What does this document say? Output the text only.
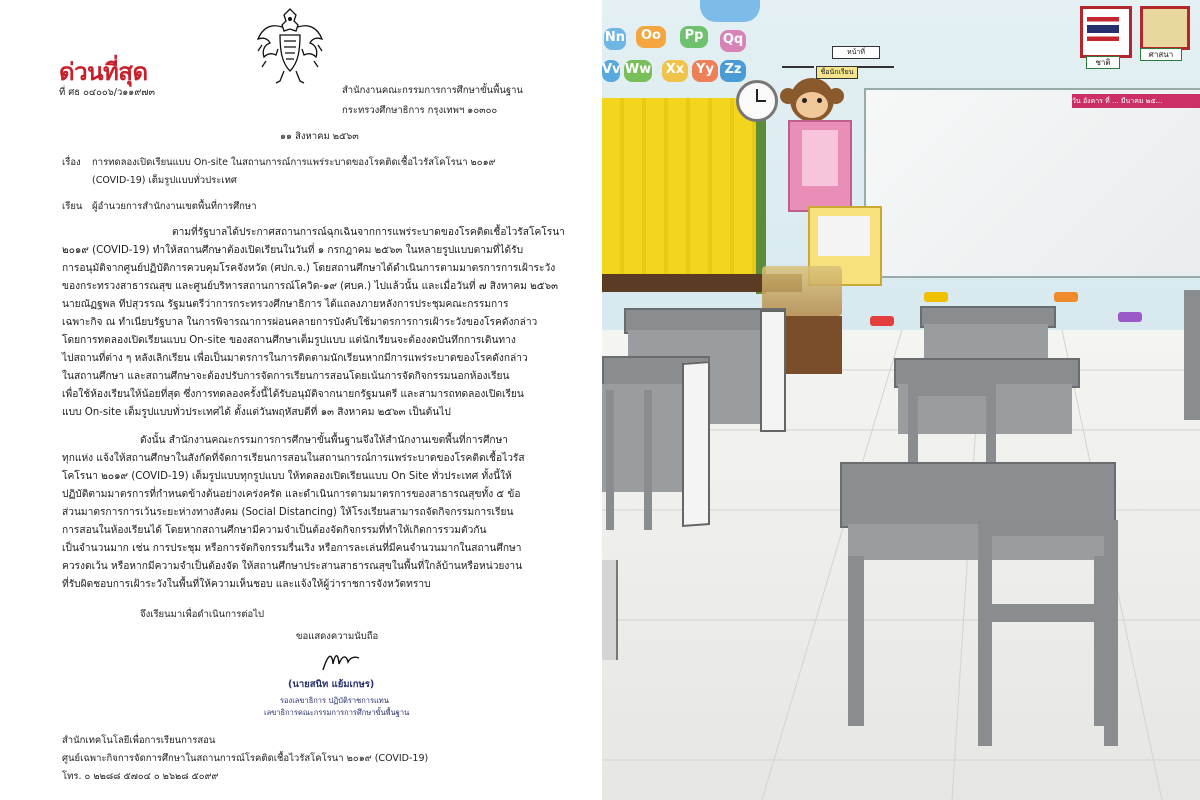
ด่วนที่สุด
ที่ ศธ ๐๔๐๐๖/ว๑๑๙๗๓	สำนักงานคณะกรรมการการศึกษาขั้นพื้นฐาน
กระทรวงศึกษาธิการ กรุงเทพฯ ๑๐๓๐๐
๑๑ สิงหาคม ๒๕๖๓
เรื่อง การทดลองเปิดเรียนแบบ On-site ในสถานการณ์การแพร่ระบาดของโรคติดเชื้อไวรัสโคโรนา ๒๐๑๙
(COVID-19) เต็มรูปแบบทั่วประเทศ
เรียน ผู้อำนวยการสำนักงานเขตพื้นที่การศึกษา
ตามที่รัฐบาลได้ประกาศสถานการณ์ฉุกเฉินจากการแพร่ระบาดของโรคติดเชื้อไวรัสโคโรนา
๒๐๑๙ (COVID-19) ทำให้สถานศึกษาต้องเปิดเรียนในวันที่ ๑ กรกฎาคม ๒๕๖๓ ในหลายรูปแบบตามที่ได้รับ
การอนุมัติจากศูนย์ปฏิบัติการควบคุมโรคจังหวัด (ศปก.จ.) โดยสถานศึกษาได้ดำเนินการตามมาตรการการเฝ้าระวัง
ของกระทรวงสาธารณสุข และศูนย์บริหารสถานการณ์โควิด-๑๙ (ศบค.) ไปแล้วนั้น และเมื่อวันที่ ๗ สิงหาคม ๒๕๖๓
นายณัฏฐพล ทีปสุวรรณ รัฐมนตรีว่าการกระทรวงศึกษาธิการ ได้แถลงภายหลังการประชุมคณะกรรมการ
เฉพาะกิจ ณ ทำเนียบรัฐบาล ในการพิจารณาการผ่อนคลายการบังคับใช้มาตรการการเฝ้าระวังของโรคดังกล่าว
โดยการทดลองเปิดเรียนแบบ On-site ของสถานศึกษาเต็มรูปแบบ แต่นักเรียนจะต้องงดบันทึกการเดินทาง
ไปสถานที่ต่าง ๆ หลังเลิกเรียน เพื่อเป็นมาตรการในการติดตามนักเรียนหากมีการแพร่ระบาดของโรคดังกล่าว
ในสถานศึกษา และสถานศึกษาจะต้องปรับการจัดการเรียนการสอนโดยเน้นการจัดกิจกรรมนอกห้องเรียน
เพื่อใช้ห้องเรียนให้น้อยที่สุด ซึ่งการทดลองครั้งนี้ได้รับอนุมัติจากนายกรัฐมนตรี และสามารถทดลองเปิดเรียน
แบบ On-site เต็มรูปแบบทั่วประเทศได้ ตั้งแต่วันพฤหัสบดีที่ ๑๓ สิงหาคม ๒๕๖๓ เป็นต้นไป
ดังนั้น สำนักงานคณะกรรมการการศึกษาขั้นพื้นฐานจึงให้สำนักงานเขตพื้นที่การศึกษา
ทุกแห่ง แจ้งให้สถานศึกษาในสังกัดที่จัดการเรียนการสอนในสถานการณ์การแพร่ระบาดของโรคติดเชื้อไวรัส
โคโรนา ๒๐๑๙ (COVID-19) เต็มรูปแบบทุกรูปแบบ ให้ทดลองเปิดเรียนแบบ On Site ทั่วประเทศ ทั้งนี้ให้
ปฏิบัติตามมาตรการที่กำหนดข้างต้นอย่างเคร่งครัด และดำเนินการตามมาตรการของสาธารณสุขทั้ง ๕ ข้อ
ส่วนมาตรการการเว้นระยะห่างทางสังคม (Social Distancing) ให้โรงเรียนสามารถจัดกิจกรรมการเรียน
การสอนในห้องเรียนได้ โดยหากสถานศึกษามีความจำเป็นต้องจัดกิจกรรมที่ทำให้เกิดการรวมตัวกัน
เป็นจำนวนมาก เช่น การประชุม หรือการจัดกิจกรรมรื่นเริง หรือการละเล่นที่มีคนจำนวนมากในสถานศึกษา
ควรงดเว้น หรือหากมีความจำเป็นต้องจัด ให้สถานศึกษาประสานสาธารณสุขในพื้นที่ใกล้บ้านหรือหน่วยงาน
ที่รับผิดชอบการเฝ้าระวังในพื้นที่ให้ความเห็นชอบ และแจ้งให้ผู้ว่าราชการจังหวัดทราบ
จึงเรียนมาเพื่อดำเนินการต่อไป
ขอแสดงความนับถือ
(นายสนิท แย้มเกษร)
รองเลขาธิการ ปฏิบัติราชการแทน
เลขาธิการคณะกรรมการการศึกษาขั้นพื้นฐาน
สำนักเทคโนโลยีเพื่อการเรียนการสอน
ศูนย์เฉพาะกิจการจัดการศึกษาในสถานการณ์โรคติดเชื้อไวรัสโคโรนา ๒๐๑๙ (COVID-19)
โทร. ๐ ๒๒๘๘ ๕๗๐๔ ๐ ๒๖๒๘ ๕๐๙๙
Nn	Oo	Pp	Qq
Vv Ww Xx Yy Zz
หน้าที่
ชื่อนักเรียน
วัน อังคาร ที่ ... มีนาคม ๒๕...
ชาติ
ศาสนา
